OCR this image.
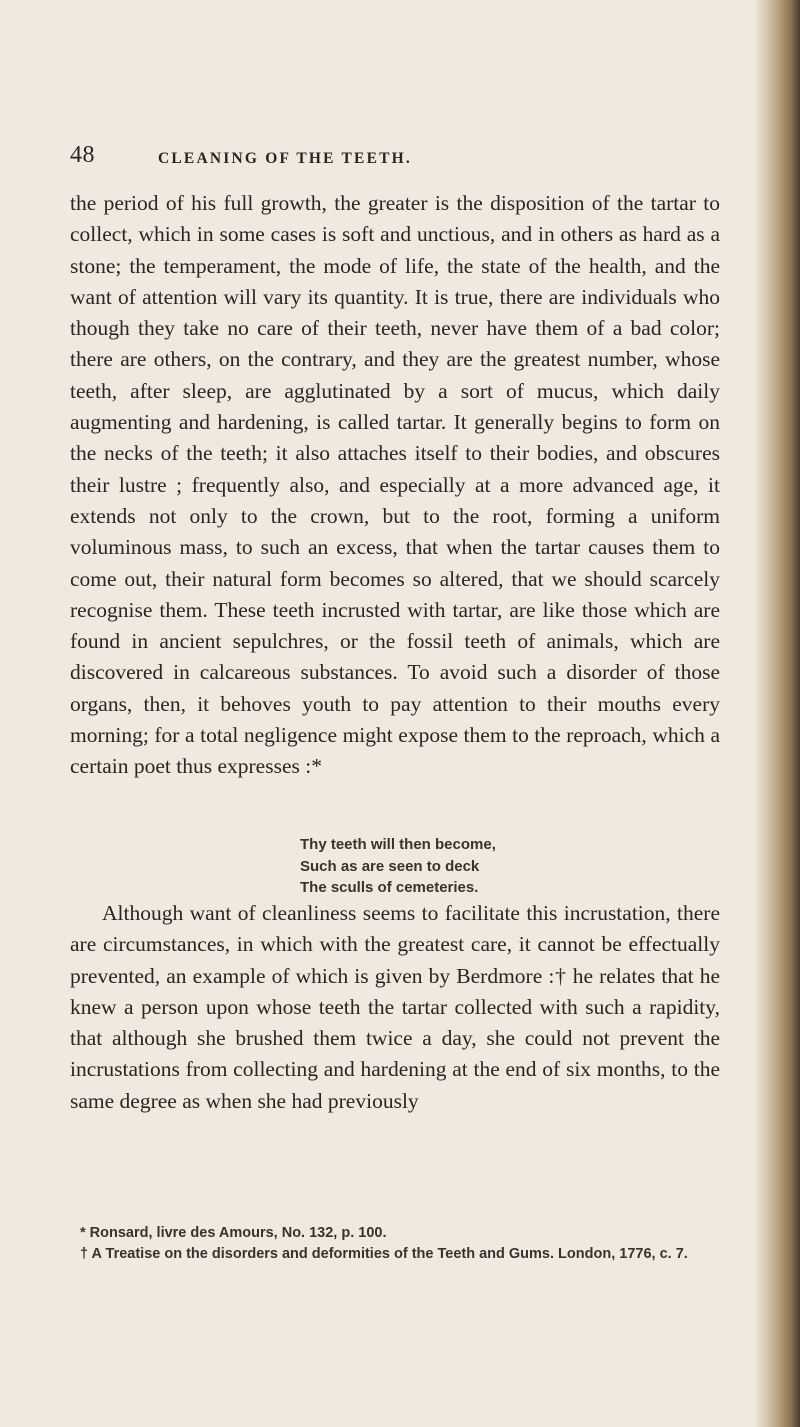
48	CLEANING OF THE TEETH.

the period of his full growth, the greater is the disposition of the tartar to collect, which in some cases is soft and unctious, and in others as hard as a stone; the temperament, the mode of life, the state of the health, and the want of attention will vary its quantity. It is true, there are individuals who though they take no care of their teeth, never have them of a bad color; there are others, on the contrary, and they are the greatest number, whose teeth, after sleep, are agglutinated by a sort of mucus, which daily augmenting and hardening, is called tartar. It generally begins to form on the necks of the teeth; it also attaches itself to their bodies, and obscures their lustre ; frequently also, and especially at a more advanced age, it extends not only to the crown, but to the root, forming a uniform voluminous mass, to such an excess, that when the tartar causes them to come out, their natural form becomes so altered, that we should scarcely recognise them. These teeth incrusted with tartar, are like those which are found in ancient sepulchres, or the fossil teeth of animals, which are discovered in calcareous substances. To avoid such a disorder of those organs, then, it behoves youth to pay attention to their mouths every morning; for a total negligence might expose them to the reproach, which a certain poet thus expresses :*

Thy teeth will then become,
Such as are seen to deck
The sculls of cemeteries.

Although want of cleanliness seems to facilitate this incrustation, there are circumstances, in which with the greatest care, it cannot be effectually prevented, an example of which is given by Berdmore :† he relates that he knew a person upon whose teeth the tartar collected with such a rapidity, that although she brushed them twice a day, she could not prevent the incrustations from collecting and hardening at the end of six months, to the same degree as when she had previously

* Ronsard, livre des Amours, No. 132, p. 100.

† A Treatise on the disorders and deformities of the Teeth and Gums. London, 1776, c. 7.
